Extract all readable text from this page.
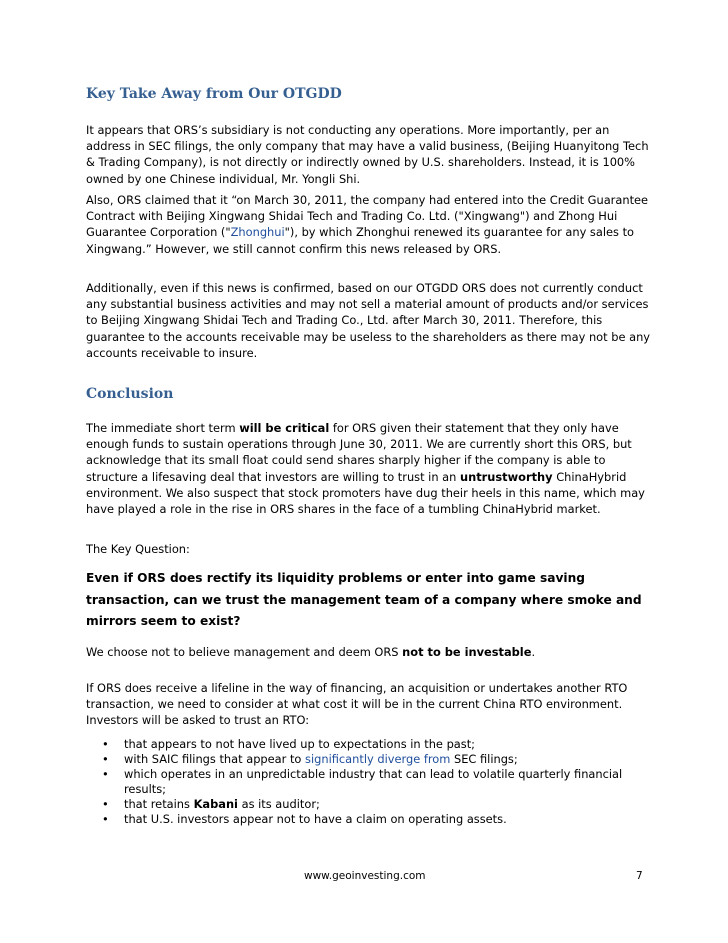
Key Take Away from Our OTGDD

It appears that ORS’s subsidiary is not conducting any operations. More importantly, per an address in SEC filings, the only company that may have a valid business, (Beijing Huanyitong Tech & Trading Company), is not directly or indirectly owned by U.S. shareholders. Instead, it is 100% owned by one Chinese individual, Mr. Yongli Shi.

Also, ORS claimed that it “on March 30, 2011, the company had entered into the Credit Guarantee Contract with Beijing Xingwang Shidai Tech and Trading Co. Ltd. ("Xingwang") and Zhong Hui Guarantee Corporation ("Zhonghui"), by which Zhonghui renewed its guarantee for any sales to Xingwang.” However, we still cannot confirm this news released by ORS.

Additionally, even if this news is confirmed, based on our OTGDD ORS does not currently conduct any substantial business activities and may not sell a material amount of products and/or services to Beijing Xingwang Shidai Tech and Trading Co., Ltd. after March 30, 2011. Therefore, this guarantee to the accounts receivable may be useless to the shareholders as there may not be any accounts receivable to insure.

Conclusion

The immediate short term will be critical for ORS given their statement that they only have enough funds to sustain operations through June 30, 2011. We are currently short this ORS, but acknowledge that its small float could send shares sharply higher if the company is able to structure a lifesaving deal that investors are willing to trust in an untrustworthy ChinaHybrid environment. We also suspect that stock promoters have dug their heels in this name, which may have played a role in the rise in ORS shares in the face of a tumbling ChinaHybrid market.

The Key Question:

Even if ORS does rectify its liquidity problems or enter into game saving transaction, can we trust the management team of a company where smoke and mirrors seem to exist?

We choose not to believe management and deem ORS not to be investable.

If ORS does receive a lifeline in the way of financing, an acquisition or undertakes another RTO transaction, we need to consider at what cost it will be in the current China RTO environment. Investors will be asked to trust an RTO:

• that appears to not have lived up to expectations in the past;
• with SAIC filings that appear to significantly diverge from SEC filings;
• which operates in an unpredictable industry that can lead to volatile quarterly financial results;
• that retains Kabani as its auditor;
• that U.S. investors appear not to have a claim on operating assets.
www.geoinvesting.com	7
